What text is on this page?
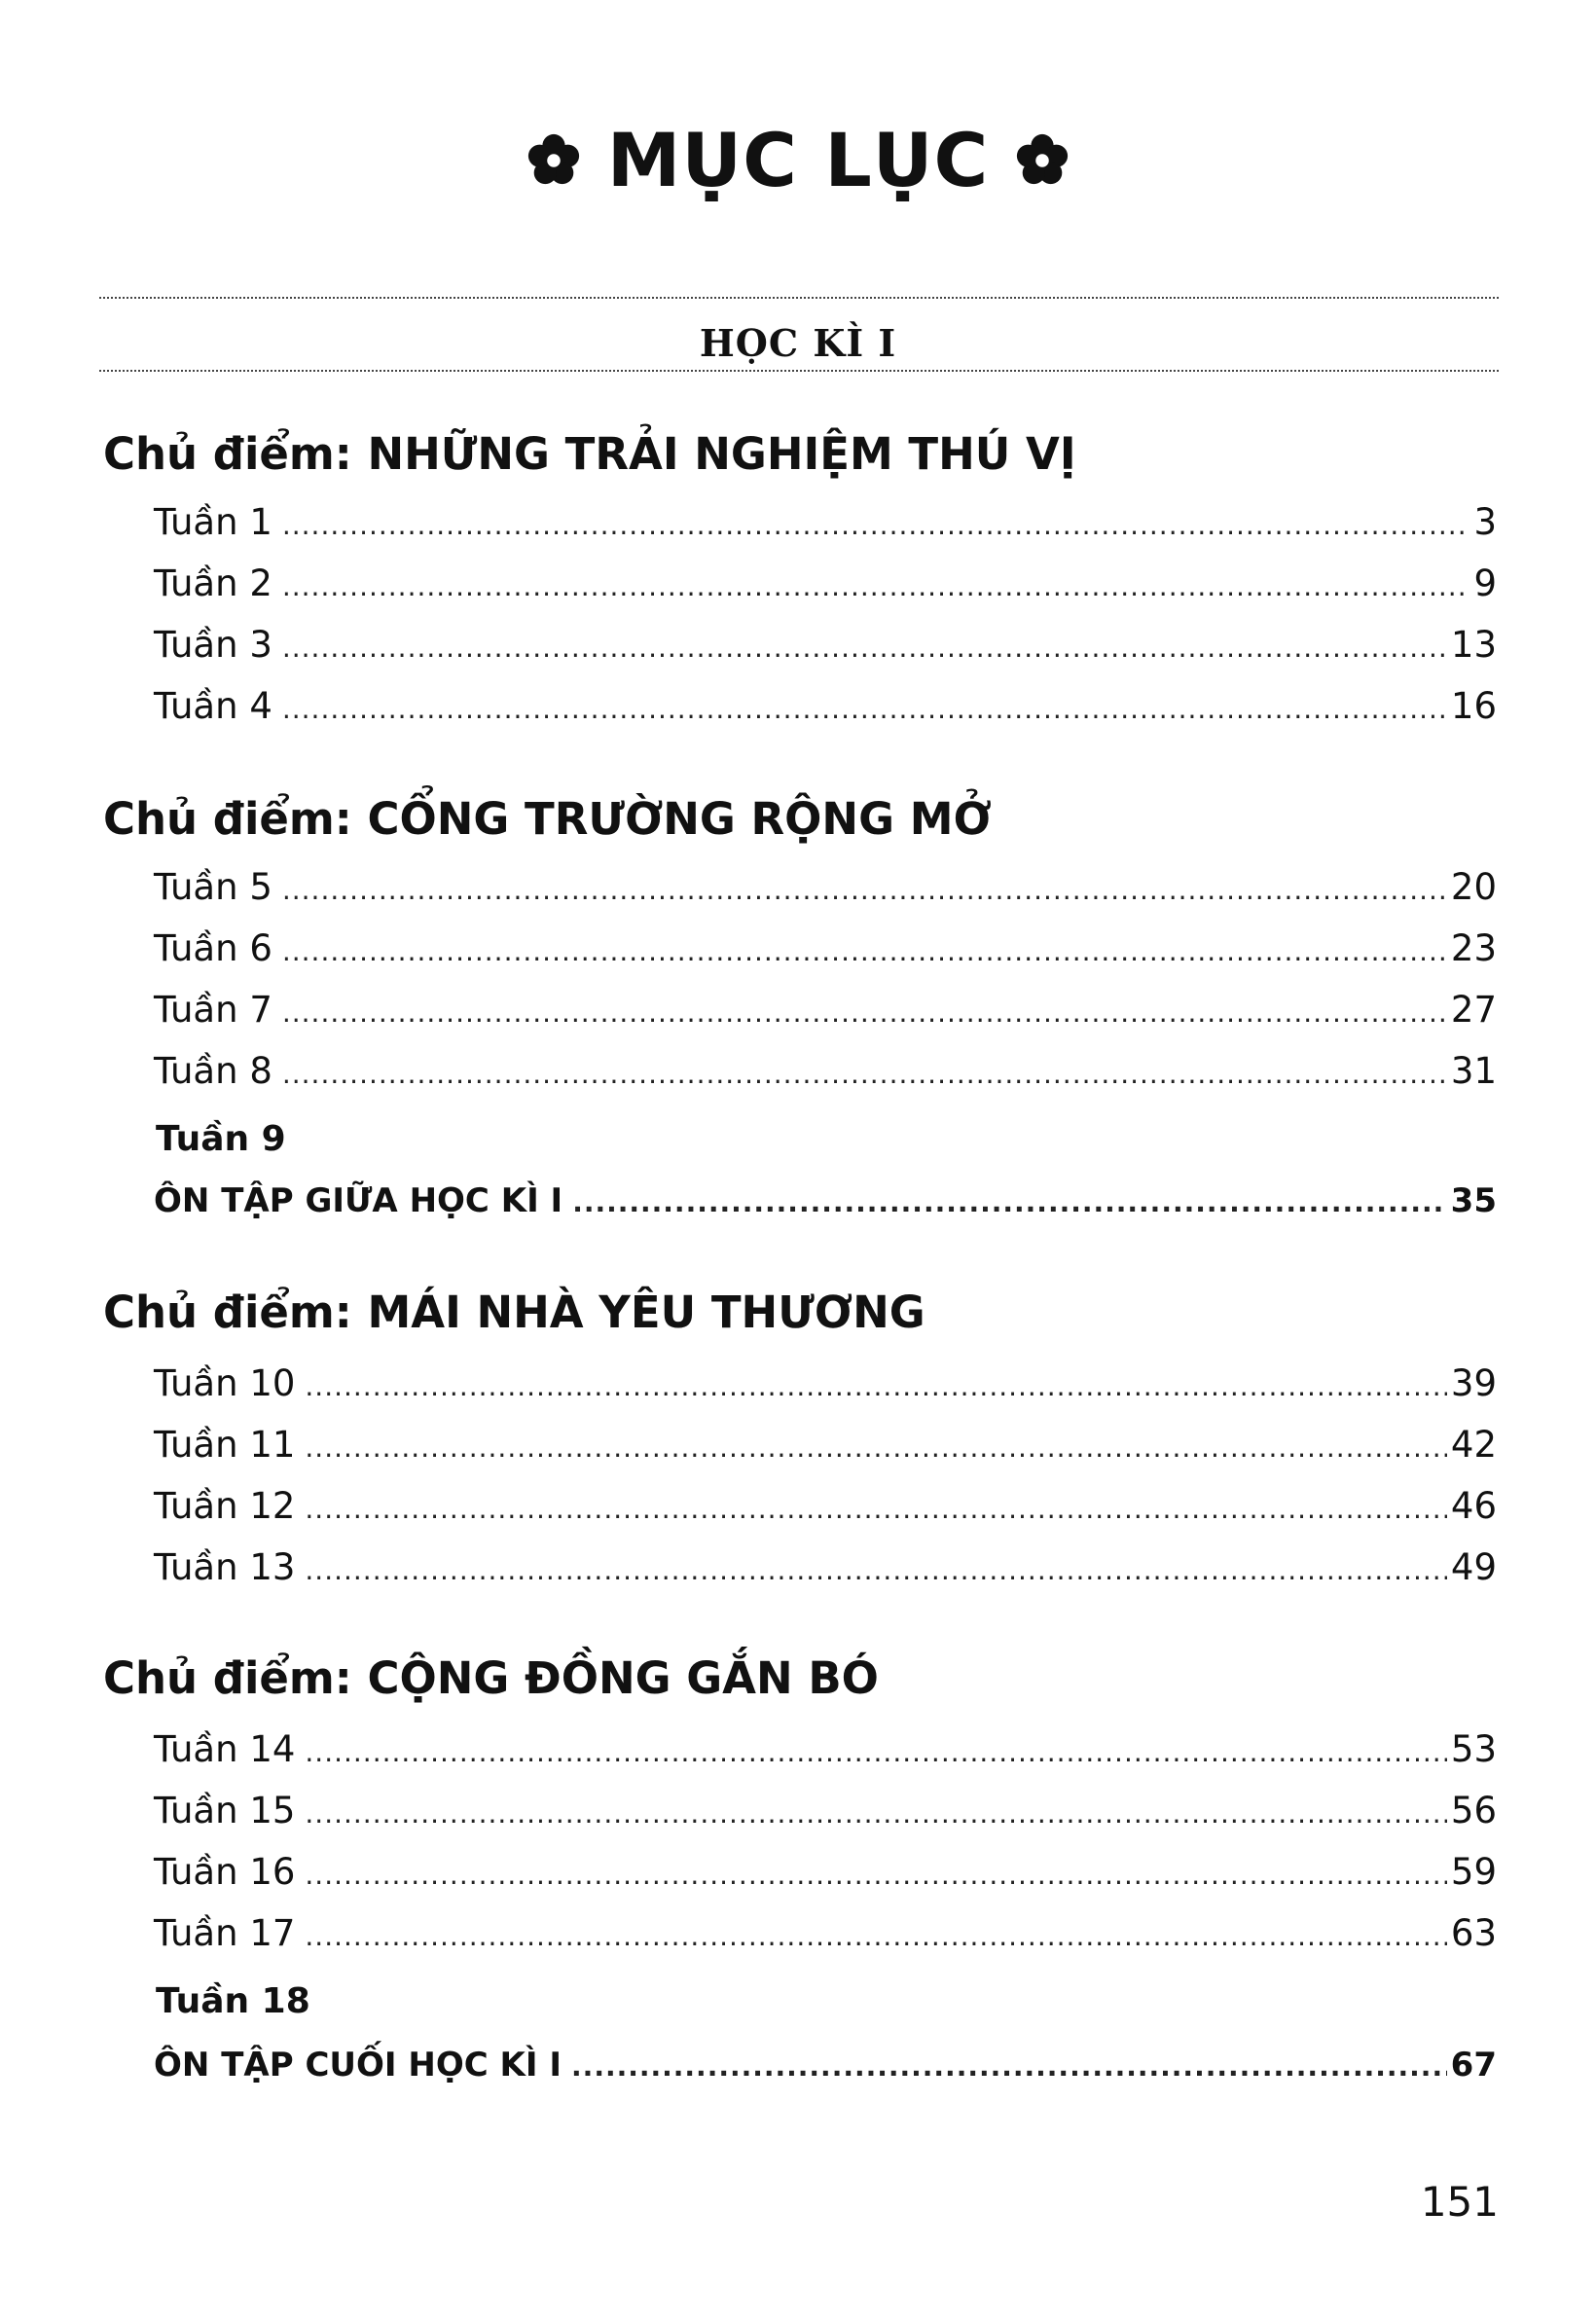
MỤC LỤC
HỌC KÌ I
Chủ điểm: NHỮNG TRẢI NGHIỆM THÚ VỊ
Tuần 1 .....	3
Tuần 2 .....	9
Tuần 3 .....	13
Tuần 4 .....	16
Chủ điểm: CỔNG TRƯỜNG RỘNG MỞ
Tuần 5 .....	20
Tuần 6 .....	23
Tuần 7 .....	27
Tuần 8 .....	31
Tuần 9
ÔN TẬP GIỮA HỌC KÌ I .....	35
Chủ điểm: MÁI NHÀ YÊU THƯƠNG
Tuần 10 .....	39
Tuần 11 .....	42
Tuần 12 .....	46
Tuần 13 .....	49
Chủ điểm: CỘNG ĐỒNG GẮN BÓ
Tuần 14 .....	53
Tuần 15 .....	56
Tuần 16 .....	59
Tuần 17 .....	63
Tuần 18
ÔN TẬP CUỐI HỌC KÌ I .....	67
151
